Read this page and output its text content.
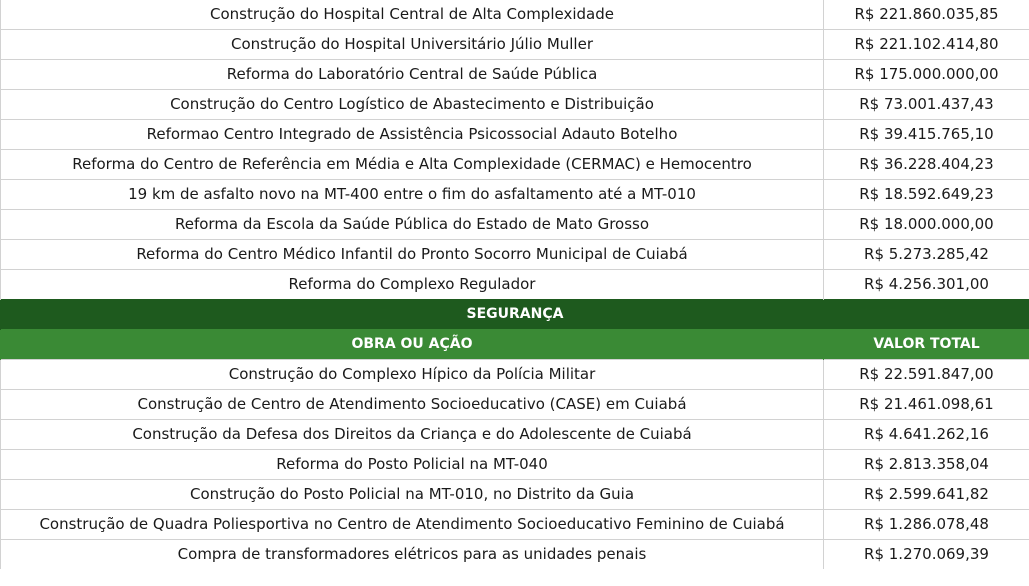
Construção do Hospital Central de Alta Complexidade	R$ 221.860.035,85
Construção do Hospital Universitário Júlio Muller	R$ 221.102.414,80
Reforma do Laboratório Central de Saúde Pública	R$ 175.000.000,00
Construção do Centro Logístico de Abastecimento e Distribuição	R$ 73.001.437,43
Reformao Centro Integrado de Assistência Psicossocial Adauto Botelho	R$ 39.415.765,10
Reforma do Centro de Referência em Média e Alta Complexidade (CERMAC) e Hemocentro	R$ 36.228.404,23
19 km de asfalto novo na MT-400 entre o fim do asfaltamento até a MT-010	R$ 18.592.649,23
Reforma da Escola da Saúde Pública do Estado de Mato Grosso	R$ 18.000.000,00
Reforma do Centro Médico Infantil do Pronto Socorro Municipal de Cuiabá	R$ 5.273.285,42
Reforma do Complexo Regulador	R$ 4.256.301,00
SEGURANÇA	
OBRA OU AÇÃO	VALOR TOTAL
Construção do Complexo Hípico da Polícia Militar	R$ 22.591.847,00
Construção de Centro de Atendimento Socioeducativo (CASE) em Cuiabá	R$ 21.461.098,61
Construção da Defesa dos Direitos da Criança e do Adolescente de Cuiabá	R$ 4.641.262,16
Reforma do Posto Policial na MT-040	R$ 2.813.358,04
Construção do Posto Policial na MT-010, no Distrito da Guia	R$ 2.599.641,82
Construção de Quadra Poliesportiva no Centro de Atendimento Socioeducativo Feminino de Cuiabá	R$ 1.286.078,48
Compra de transformadores elétricos para as unidades penais	R$ 1.270.069,39
